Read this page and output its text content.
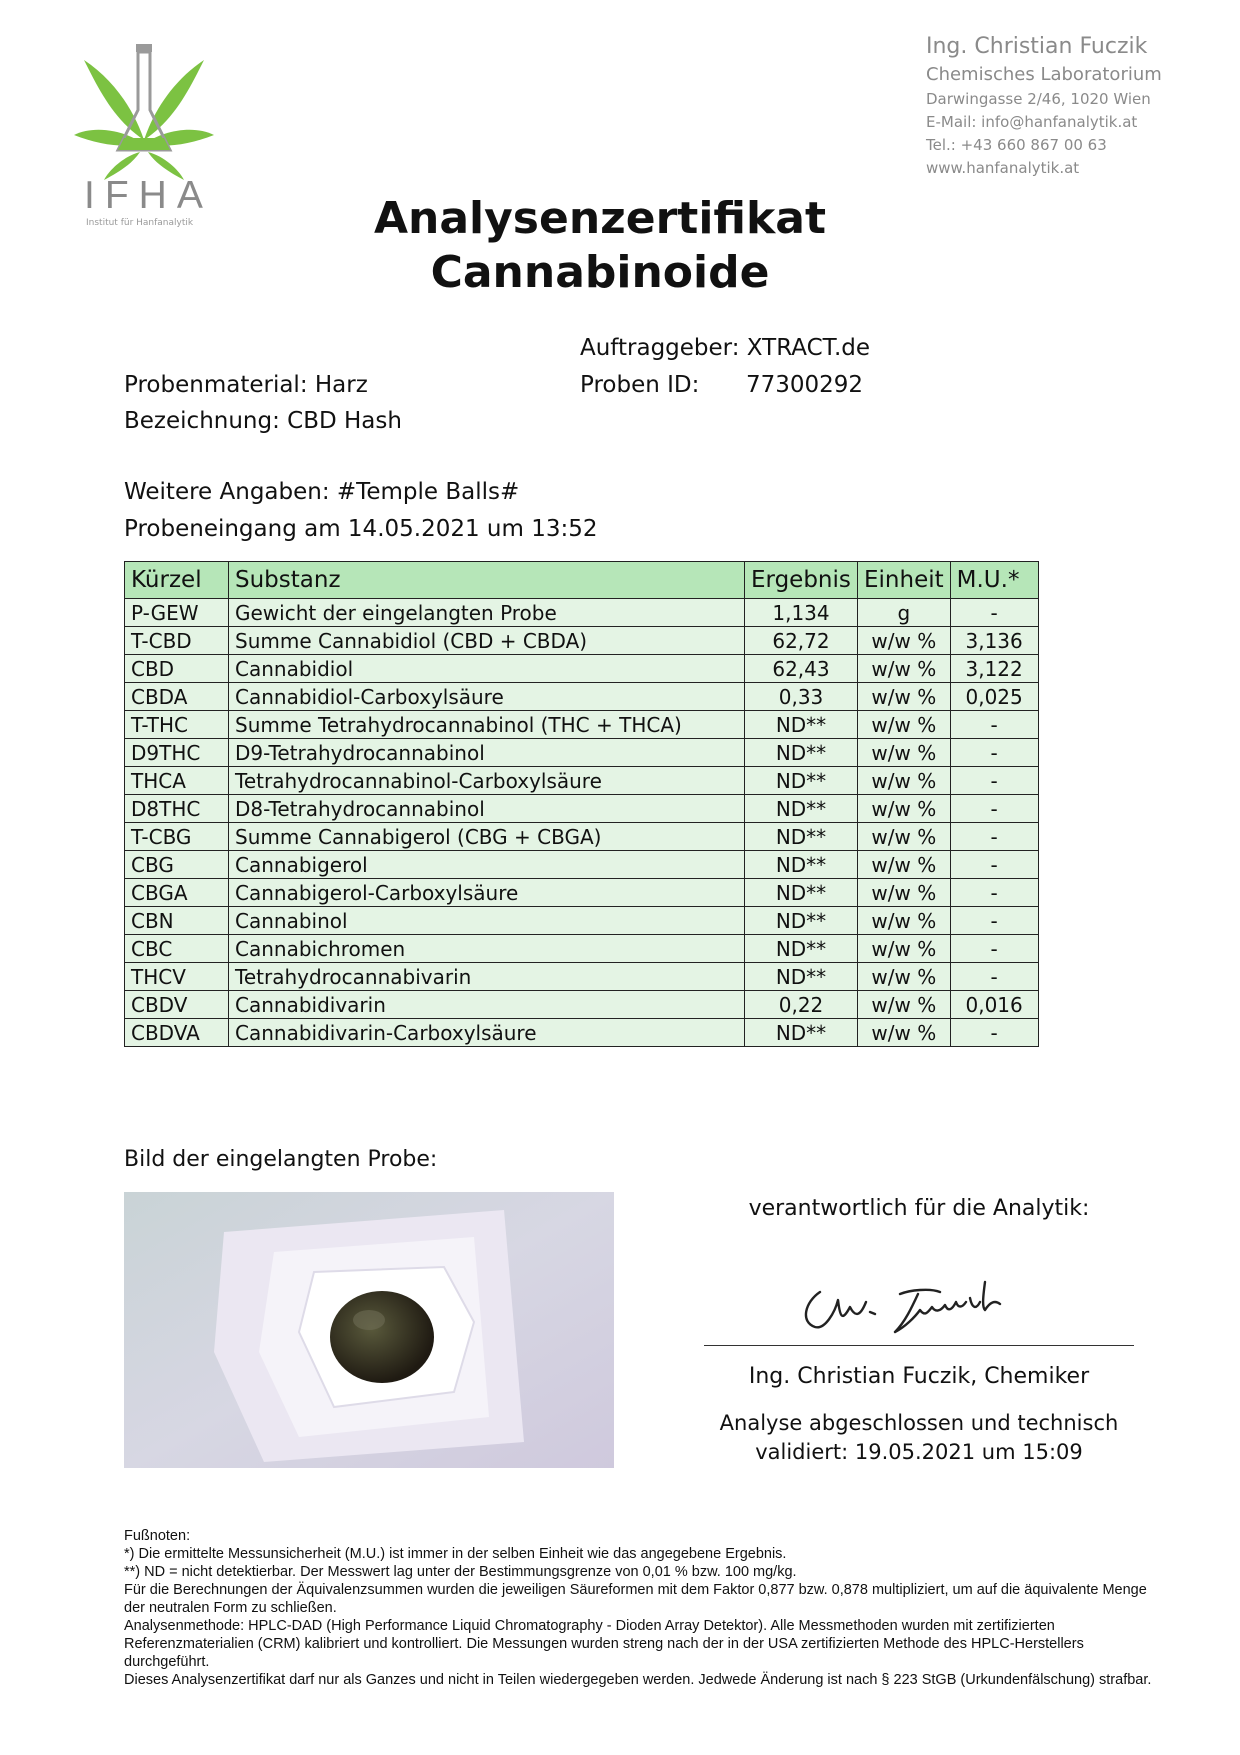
IFHA
Institut für Hanfanalytik
Ing. Christian Fuczik
Chemisches Laboratorium
Darwingasse 2/46, 1020 Wien
E-Mail: info@hanfanalytik.at
Tel.: +43 660 867 00 63
www.hanfanalytik.at
Analysenzertifikat
Cannabinoide
Auftraggeber: XTRACT.de
Probenmaterial: Harz	Proben ID: 77300292
Bezeichnung: CBD Hash
Weitere Angaben: #Temple Balls#
Probeneingang am 14.05.2021 um 13:52
Kürzel	Substanz	Ergebnis	Einheit	M.U.*
P-GEW	Gewicht der eingelangten Probe	1,134	g	-
T-CBD	Summe Cannabidiol (CBD + CBDA)	62,72	w/w %	3,136
CBD	Cannabidiol	62,43	w/w %	3,122
CBDA	Cannabidiol-Carboxylsäure	0,33	w/w %	0,025
T-THC	Summe Tetrahydrocannabinol (THC + THCA)	ND**	w/w %	-
D9THC	D9-Tetrahydrocannabinol	ND**	w/w %	-
THCA	Tetrahydrocannabinol-Carboxylsäure	ND**	w/w %	-
D8THC	D8-Tetrahydrocannabinol	ND**	w/w %	-
T-CBG	Summe Cannabigerol (CBG + CBGA)	ND**	w/w %	-
CBG	Cannabigerol	ND**	w/w %	-
CBGA	Cannabigerol-Carboxylsäure	ND**	w/w %	-
CBN	Cannabinol	ND**	w/w %	-
CBC	Cannabichromen	ND**	w/w %	-
THCV	Tetrahydrocannabivarin	ND**	w/w %	-
CBDV	Cannabidivarin	0,22	w/w %	0,016
CBDVA	Cannabidivarin-Carboxylsäure	ND**	w/w %	-
Bild der eingelangten Probe:
verantwortlich für die Analytik:
Ing. Christian Fuczik, Chemiker
Analyse abgeschlossen und technisch
validiert: 19.05.2021 um 15:09
Fußnoten:
*) Die ermittelte Messunsicherheit (M.U.) ist immer in der selben Einheit wie das angegebene Ergebnis.
**) ND = nicht detektierbar. Der Messwert lag unter der Bestimmungsgrenze von 0,01 % bzw. 100 mg/kg.
Für die Berechnungen der Äquivalenzsummen wurden die jeweiligen Säureformen mit dem Faktor 0,877 bzw. 0,878 multipliziert, um auf die äquivalente Menge der neutralen Form zu schließen.
Analysenmethode: HPLC-DAD (High Performance Liquid Chromatography - Dioden Array Detektor). Alle Messmethoden wurden mit zertifizierten Referenzmaterialien (CRM) kalibriert und kontrolliert. Die Messungen wurden streng nach der in der USA zertifizierten Methode des HPLC-Herstellers durchgeführt.
Dieses Analysenzertifikat darf nur als Ganzes und nicht in Teilen wiedergegeben werden. Jedwede Änderung ist nach § 223 StGB (Urkundenfälschung) strafbar.
